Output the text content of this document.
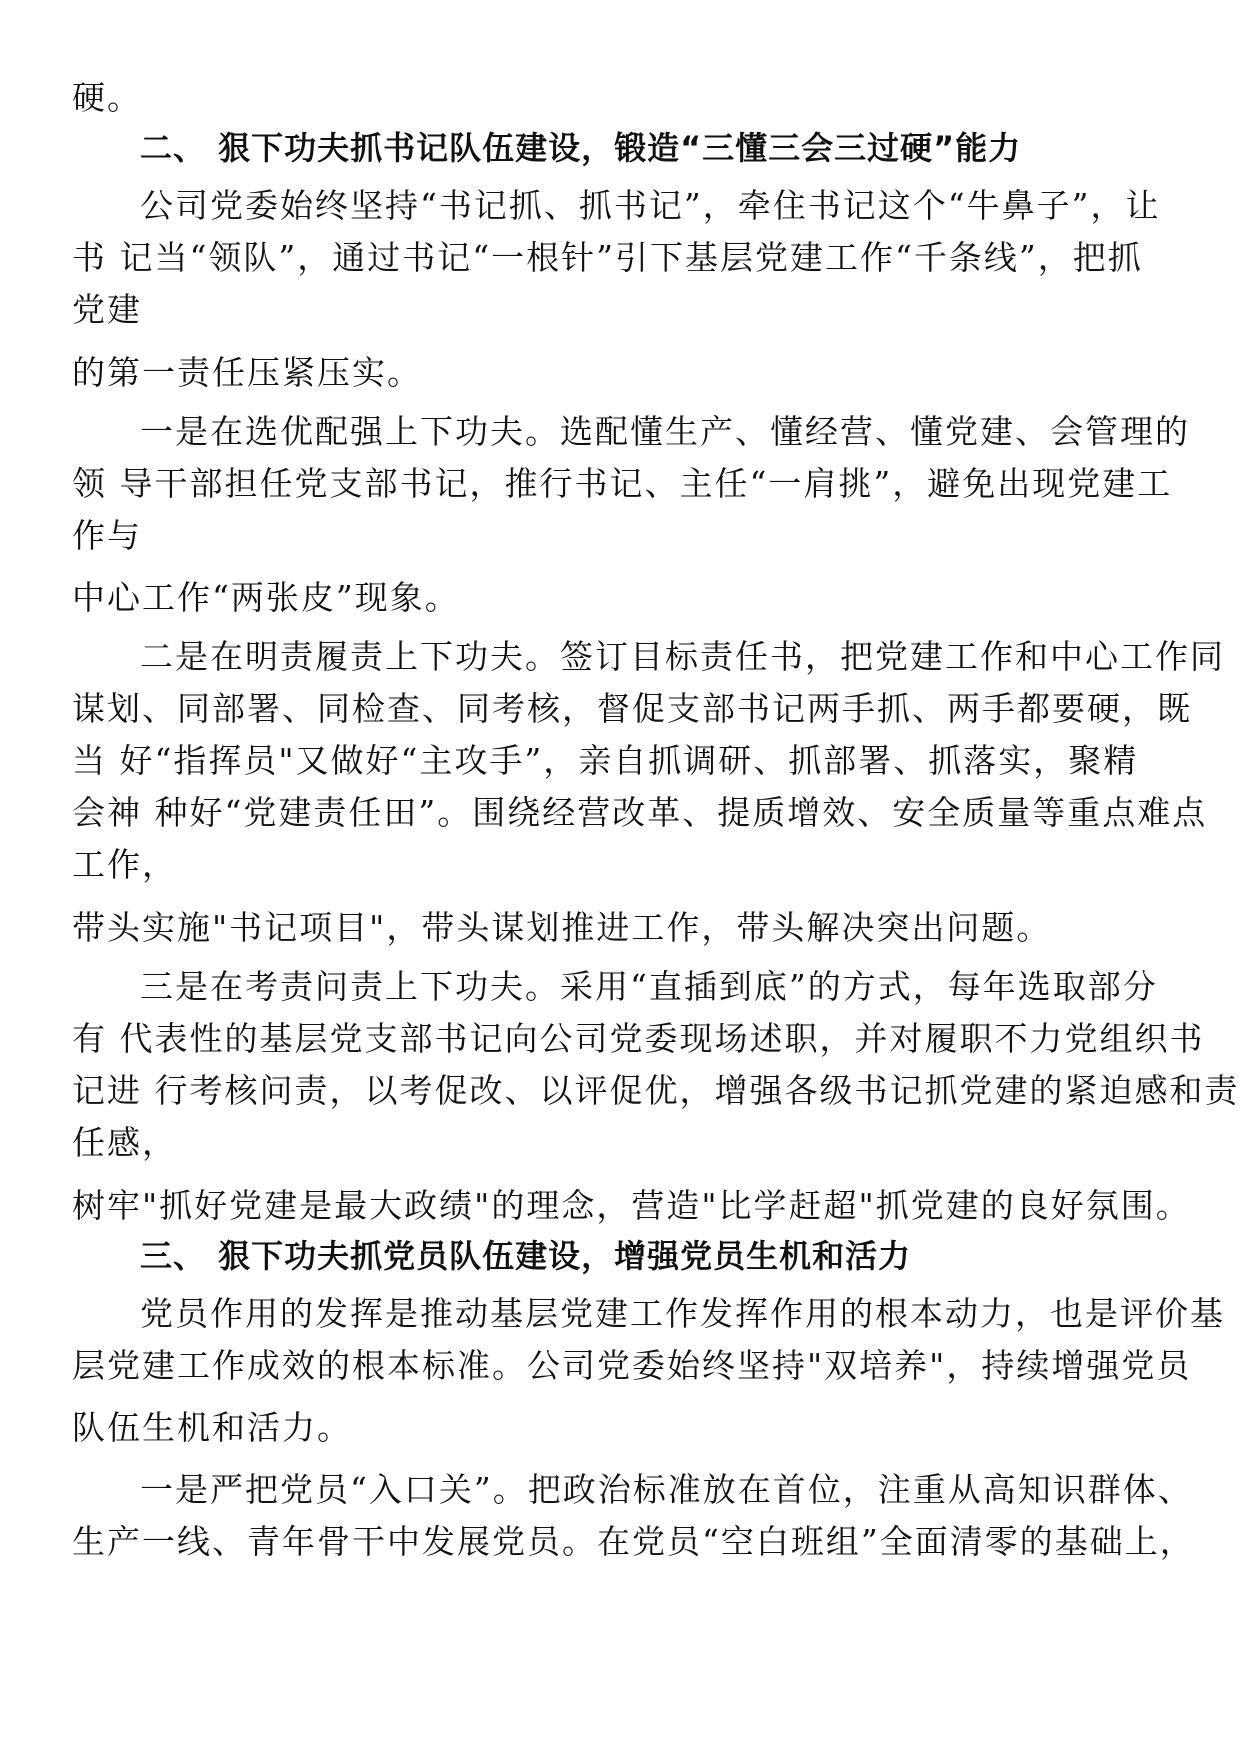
硬。
二、 狠下功夫抓书记队伍建设，锻造“三懂三会三过硬”能力
公司党委始终坚持“书记抓、抓书记”，牵住书记这个“牛鼻子”，让
书 记当“领队”，通过书记“一根针”引下基层党建工作“千条线”，把抓
党建
的第一责任压紧压实。
一是在选优配强上下功夫。选配懂生产、懂经营、懂党建、会管理的
领 导干部担任党支部书记，推行书记、主任“一肩挑”，避免出现党建工
作与
中心工作“两张皮”现象。
二是在明责履责上下功夫。签订目标责任书，把党建工作和中心工作同
谋划、同部署、同检查、同考核，督促支部书记两手抓、两手都要硬，既
当 好“指挥员"又做好“主攻手”，亲自抓调研、抓部署、抓落实，聚精
会神 种好“党建责任田”。围绕经营改革、提质增效、安全质量等重点难点
工作，
带头实施"书记项目"，带头谋划推进工作，带头解决突出问题。
三是在考责问责上下功夫。采用“直插到底”的方式，每年选取部分
有 代表性的基层党支部书记向公司党委现场述职，并对履职不力党组织书
记进 行考核问责，以考促改、以评促优，增强各级书记抓党建的紧迫感和责
任感，
树牢"抓好党建是最大政绩"的理念，营造"比学赶超"抓党建的良好氛围。
三、 狠下功夫抓党员队伍建设，增强党员生机和活力
党员作用的发挥是推动基层党建工作发挥作用的根本动力，也是评价基
层党建工作成效的根本标准。公司党委始终坚持"双培养"，持续增强党员
队伍生机和活力。
一是严把党员“入口关”。把政治标准放在首位，注重从高知识群体、
生产一线、青年骨干中发展党员。在党员“空白班组”全面清零的基础上，
